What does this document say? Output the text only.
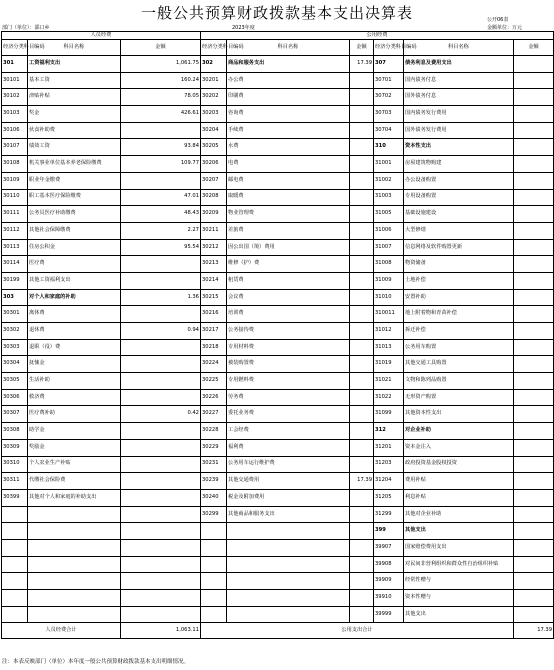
一般公共预算财政拨款基本支出决算表	公开06表
部门（单位）：邵口乡	2023年度	金额单位：万元
人员经费			公用经费					
经济分类科目编码	科目名称	金额	经济分类科目编码	科目名称	金额	经济分类科目编码	科目名称	金额
301	工资福利支出	1,061.75	302	商品和服务支出	17.39	307	债务利息及费用支出	
30101	基本工资	160.24	30201	办公费		30701	国内债务付息	
30102	津贴补贴	78.05	30202	印刷费		30702	国外债务付息	
30103	奖金	426.61	30203	咨询费		30703	国内债务发行费用	
30106	伙食补助费		30204	手续费		30704	国外债务发行费用	
30107	绩效工资	93.84	30205	水费		310	资本性支出	
30108	机关事业单位基本养老保险缴费	109.77	30206	电费		31001	房屋建筑物购建	
30109	职业年金缴费		30207	邮电费		31002	办公设备购置	
30110	职工基本医疗保险缴费	47.01	30208	取暖费		31003	专用设备购置	
30111	公务员医疗补助缴费	48.43	30209	物业管理费		31005	基础设施建设	
30112	其他社会保障缴费	2.27	30211	差旅费		31006	大型修缮	
30113	住房公积金	95.54	30212	因公出国（境）费用		31007	信息网络及软件购置更新	
30114	医疗费		30213	维修（护）费		31008	物资储备	
30199	其他工资福利支出		30214	租赁费		31009	土地补偿	
303	对个人和家庭的补助	1.36	30215	会议费		31010	安置补助	
30301	离休费		30216	培训费		310011	地上附着物和青苗补偿	
30302	退休费	0.94	30217	公务接待费		31012	拆迁补偿	
30303	退职（役）费		30218	专用材料费		31013	公务用车购置	
30304	抚恤金		30224	被装购置费		31019	其他交通工具购置	
30305	生活补助		30225	专用燃料费		31021	文物和陈列品购置	
30306	救济费		30226	劳务费		31022	无形资产购置	
30307	医疗费补助	0.42	30227	委托业务费		31099	其他资本性支出	
30308	助学金		30228	工会经费		312	对企业补助	
30309	奖励金		30229	福利费		31201	资本金注入	
30310	个人农业生产补贴		30231	公务用车运行维护费		31203	政府投资基金股权投资	
30311	代缴社会保险费		30239	其他交通费用	17.39	31204	费用补贴	
30399	其他对个人和家庭的补助支出		30240	税金及附加费用		31205	利息补贴	
			30299	其他商品和服务支出		31299	其他对企业补助	
						399	其他支出	
						39907	国家赔偿费用支出	
						39908	对民间非营利组织和群众性自治组织补贴	
						39909	经常性赠与	
						39910	资本性赠与	
						39999	其他支出	
人员经费合计		1,063.11	公用支出合计					17.39
注：本表反映部门（单位）本年度一般公共预算财政拨款基本支出明细情况。
